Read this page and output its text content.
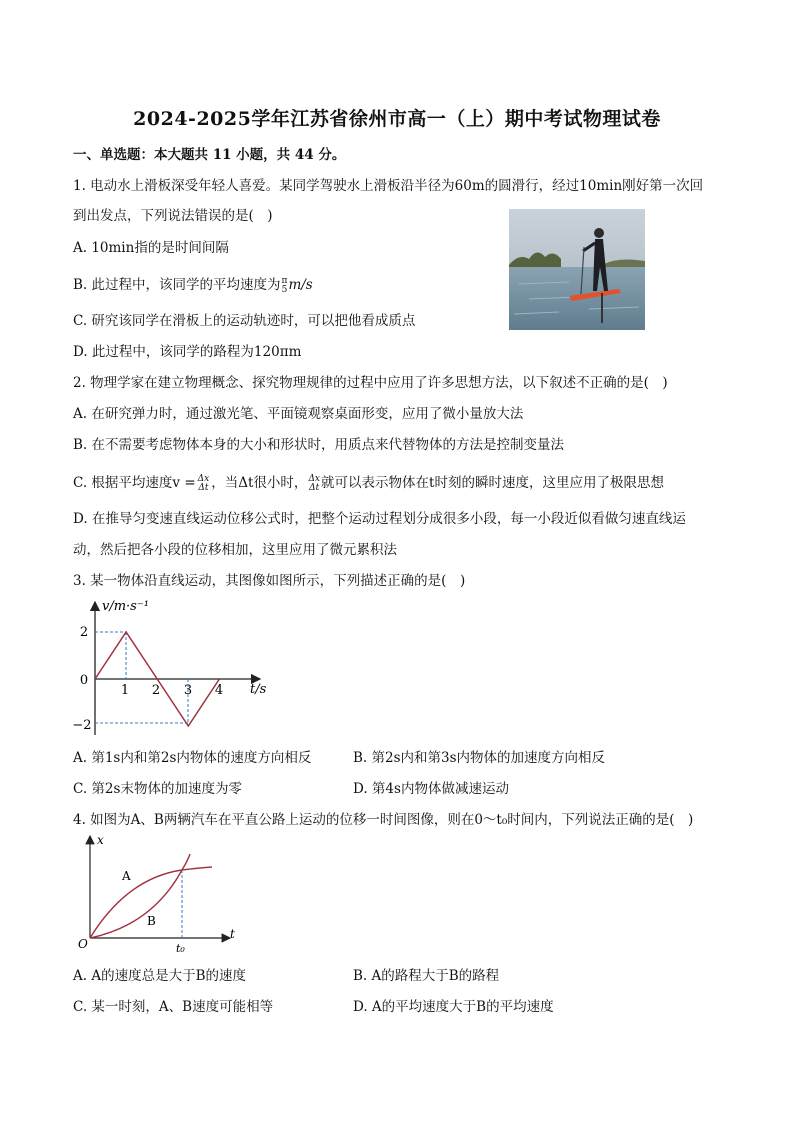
2024-2025学年江苏省徐州市高一（上）期中考试物理试卷
一、单选题：本大题共 11 小题，共 44 分。
1. 电动水上滑板深受年轻人喜爱。某同学驾驶水上滑板沿半径为60m的圆滑行，经过10min刚好第一次回
到出发点，下列说法错误的是(　)
A. 10min指的是时间间隔
B. 此过程中，该同学的平均速度为 π
5 m/s
C. 研究该同学在滑板上的运动轨迹时，可以把他看成质点
D. 此过程中，该同学的路程为120πm
2. 物理学家在建立物理概念、探究物理规律的过程中应用了许多思想方法，以下叙述不正确的是(　)
A. 在研究弹力时，通过激光笔、平面镜观察桌面形变，应用了微小量放大法
B. 在不需要考虑物体本身的大小和形状时，用质点来代替物体的方法是控制变量法
C. 根据平均速度v = Δx
Δt ，当Δt很小时， Δx
Δt 就可以表示物体在t时刻的瞬时速度，这里应用了极限思想
D. 在推导匀变速直线运动位移公式时，把整个运动过程划分成很多小段，每一小段近似看做匀速直线运
动，然后把各小段的位移相加，这里应用了微元累积法
3. 某一物体沿直线运动，其图像如图所示，下列描述正确的是(　)
v/m·s⁻¹
t/s
2
0
−2
1 2 3 4
A. 第1s内和第2s内物体的速度方向相反	B. 第2s内和第3s内物体的加速度方向相反
C. 第2s末物体的加速度为零	D. 第4s内物体做减速运动
4. 如图为A、B两辆汽车在平直公路上运动的位移一时间图像，则在0～t₀时间内，下列说法正确的是(　)
x
t
O	t₀
A
B
A. A的速度总是大于B的速度	B. A的路程大于B的路程
C. 某一时刻，A、B速度可能相等	D. A的平均速度大于B的平均速度
